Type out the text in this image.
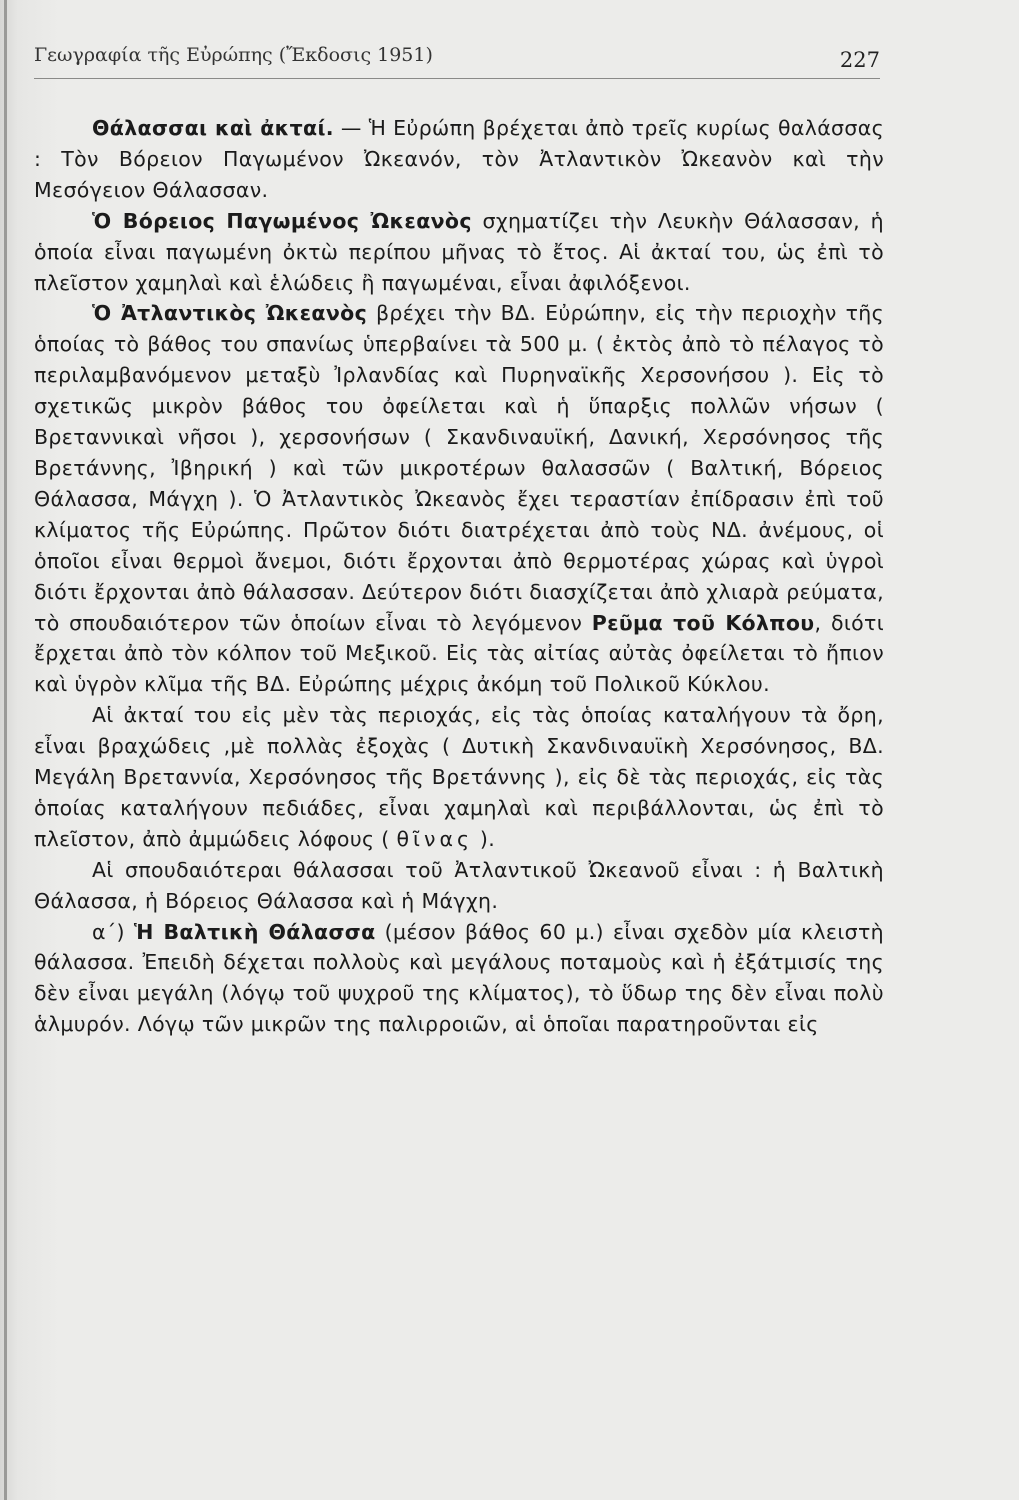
Γεωγραφία τῆς Εὐρώπης (Ἔκδοσις 1951)	227

Θάλασσαι καὶ ἀκταί. — Ἡ Εὐρώπη βρέχεται ἀπὸ τρεῖς κυρίως θαλάσσας : Τὸν Βόρειον Παγωμένον Ὠκεανόν, τὸν Ἀτλαντικὸν Ὠκεανὸν καὶ τὴν Μεσόγειον Θάλασσαν.

Ὁ Βόρειος Παγωμένος Ὠκεανὸς σχηματίζει τὴν Λευκὴν Θάλασσαν, ἡ ὁποία εἶναι παγωμένη ὀκτὼ περίπου μῆνας τὸ ἔτος. Αἱ ἀκταί του, ὡς ἐπὶ τὸ πλεῖστον χαμηλαὶ καὶ ἑλώδεις ἢ παγωμέναι, εἶναι ἀφιλόξενοι.

Ὁ Ἀτλαντικὸς Ὠκεανὸς βρέχει τὴν ΒΔ. Εὐρώπην, εἰς τὴν περιοχὴν τῆς ὁποίας τὸ βάθος του σπανίως ὑπερβαίνει τὰ 500 μ. ( ἐκτὸς ἀπὸ τὸ πέλαγος τὸ περιλαμβανόμενον μεταξὺ Ἰρλανδίας καὶ Πυρηναϊκῆς Χερσονήσου ). Εἰς τὸ σχετικῶς μικρὸν βάθος του ὀφείλεται καὶ ἡ ὕπαρξις πολλῶν νήσων ( Βρεταννικαὶ νῆσοι ), χερσονήσων ( Σκανδιναυϊκή, Δανική, Χερσόνησος τῆς Βρετάννης, Ἰβηρική ) καὶ τῶν μικροτέρων θαλασσῶν ( Βαλτική, Βόρειος Θάλασσα, Μάγχη ). Ὁ Ἀτλαντικὸς Ὠκεανὸς ἔχει τεραστίαν ἐπίδρασιν ἐπὶ τοῦ κλίματος τῆς Εὐρώπης. Πρῶτον διότι διατρέχεται ἀπὸ τοὺς ΝΔ. ἀνέμους, οἱ ὁποῖοι εἶναι θερμοὶ ἄνεμοι, διότι ἔρχονται ἀπὸ θερμοτέρας χώρας καὶ ὑγροὶ διότι ἔρχονται ἀπὸ θάλασσαν. Δεύτερον διότι διασχίζεται ἀπὸ χλιαρὰ ρεύματα, τὸ σπουδαιότερον τῶν ὁποίων εἶναι τὸ λεγόμενον Ρεῦμα τοῦ Κόλπου, διότι ἔρχεται ἀπὸ τὸν κόλπον τοῦ Μεξικοῦ. Εἰς τὰς αἰτίας αὐτὰς ὀφείλεται τὸ ἤπιον καὶ ὑγρὸν κλῖμα τῆς ΒΔ. Εὐρώπης μέχρις ἀκόμη τοῦ Πολικοῦ Κύκλου.

Αἱ ἀκταί του εἰς μὲν τὰς περιοχάς, εἰς τὰς ὁποίας καταλήγουν τὰ ὄρη, εἶναι βραχώδεις ,μὲ πολλὰς ἐξοχὰς ( Δυτικὴ Σκανδιναυϊκὴ Χερσόνησος, ΒΔ. Μεγάλη Βρεταννία, Χερσόνησος τῆς Βρετάννης ), εἰς δὲ τὰς περιοχάς, εἰς τὰς ὁποίας καταλήγουν πεδιάδες, εἶναι χαμηλαὶ καὶ περιβάλλονται, ὡς ἐπὶ τὸ πλεῖστον, ἀπὸ ἀμμώδεις λόφους ( θῖνας ).

Αἱ σπουδαιότεραι θάλασσαι τοῦ Ἀτλαντικοῦ Ὠκεανοῦ εἶναι : ἡ Βαλτικὴ Θάλασσα, ἡ Βόρειος Θάλασσα καὶ ἡ Μάγχη.

α΄) Ἡ Βαλτικὴ Θάλασσα (μέσον βάθος 60 μ.) εἶναι σχεδὸν μία κλειστὴ θάλασσα. Ἐπειδὴ δέχεται πολλοὺς καὶ μεγάλους ποταμοὺς καὶ ἡ ἐξάτμισίς της δὲν εἶναι μεγάλη (λόγῳ τοῦ ψυχροῦ της κλίματος), τὸ ὕδωρ της δὲν εἶναι πολὺ ἁλμυρόν. Λόγῳ τῶν μικρῶν της παλιρροιῶν, αἱ ὁποῖαι παρατηροῦνται εἰς
